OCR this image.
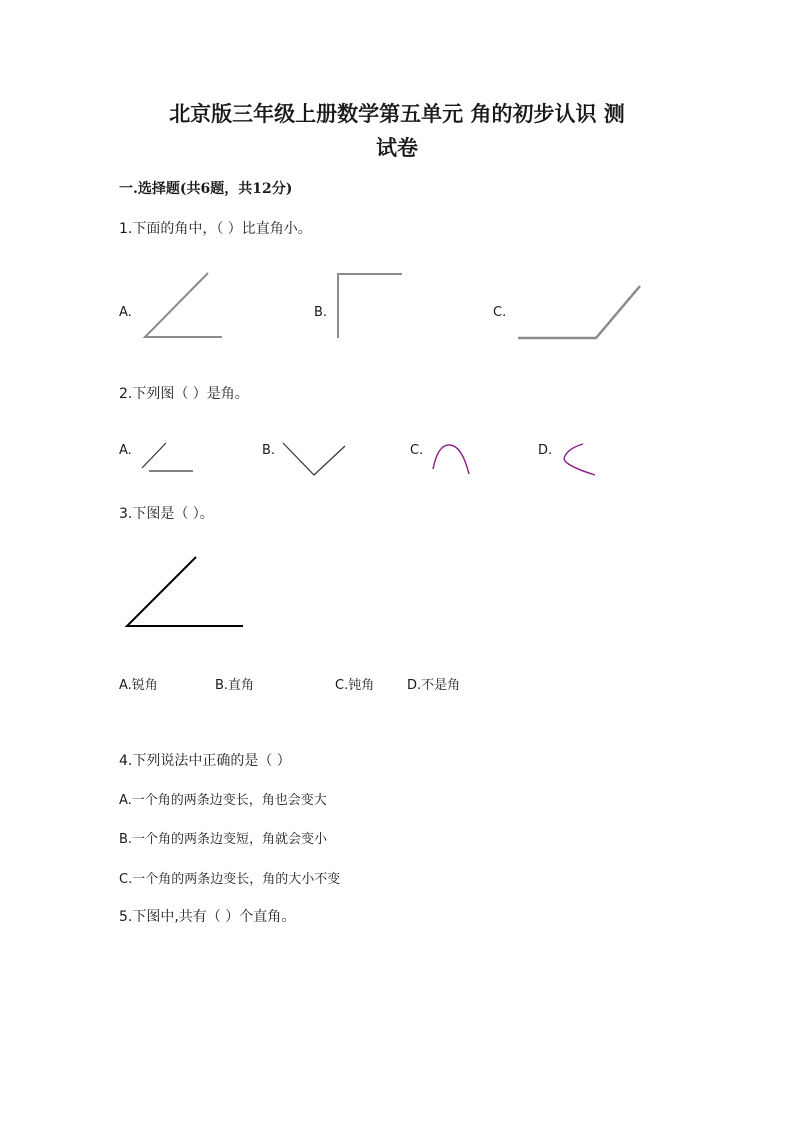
北京版三年级上册数学第五单元 角的初步认识 测
试卷
一.选择题(共6题，共12分)
1.下面的角中，（ ）比直角小。
A.	B.	C.
2.下列图（ ）是角。
A.	B.	C.	D.
3.下图是（ ）。
A.锐角	B.直角	C.钝角	D.不是角
4.下列说法中正确的是（ ）
A.一个角的两条边变长，角也会变大
B.一个角的两条边变短，角就会变小
C.一个角的两条边变长，角的大小不变
5.下图中,共有（ ）个直角。
